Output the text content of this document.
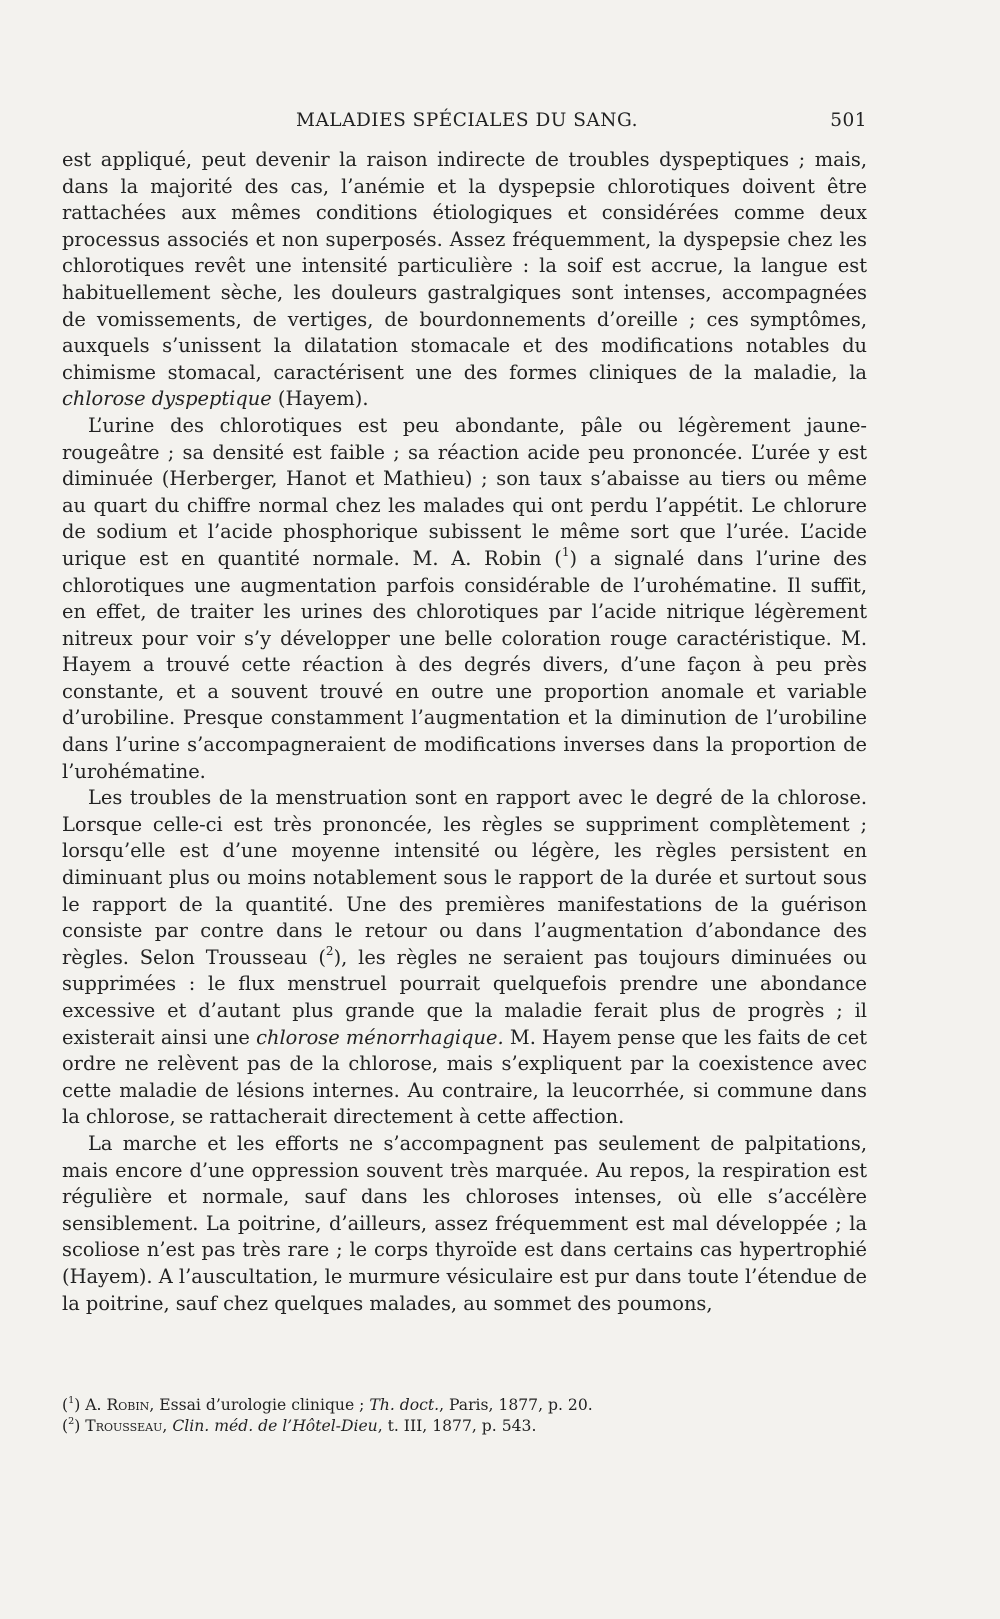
MALADIES SPÉCIALES DU SANG.	501

est appliqué, peut devenir la raison indirecte de troubles dyspeptiques ; mais, dans la majorité des cas, l’anémie et la dyspepsie chlorotiques doivent être rattachées aux mêmes conditions étiologiques et considérées comme deux processus associés et non superposés. Assez fréquemment, la dyspepsie chez les chlorotiques revêt une intensité particulière : la soif est accrue, la langue est habituellement sèche, les douleurs gastralgiques sont intenses, accompagnées de vomissements, de vertiges, de bourdonnements d’oreille ; ces symptômes, auxquels s’unissent la dilatation stomacale et des modifications notables du chimisme stomacal, caractérisent une des formes cliniques de la maladie, la chlorose dyspeptique (Hayem).

L’urine des chlorotiques est peu abondante, pâle ou légèrement jaune-rougeâtre ; sa densité est faible ; sa réaction acide peu prononcée. L’urée y est diminuée (Herberger, Hanot et Mathieu) ; son taux s’abaisse au tiers ou même au quart du chiffre normal chez les malades qui ont perdu l’appétit. Le chlorure de sodium et l’acide phosphorique subissent le même sort que l’urée. L’acide urique est en quantité normale. M. A. Robin ($^1$) a signalé dans l’urine des chlorotiques une augmentation parfois considérable de l’urohématine. Il suffit, en effet, de traiter les urines des chlorotiques par l’acide nitrique légèrement nitreux pour voir s’y développer une belle coloration rouge caractéristique. M. Hayem a trouvé cette réaction à des degrés divers, d’une façon à peu près constante, et a souvent trouvé en outre une proportion anomale et variable d’urobiline. Presque constamment l’augmentation et la diminution de l’urobiline dans l’urine s’accompagneraient de modifications inverses dans la proportion de l’urohématine.

Les troubles de la menstruation sont en rapport avec le degré de la chlorose. Lorsque celle-ci est très prononcée, les règles se suppriment complètement ; lorsqu’elle est d’une moyenne intensité ou légère, les règles persistent en diminuant plus ou moins notablement sous le rapport de la durée et surtout sous le rapport de la quantité. Une des premières manifestations de la guérison consiste par contre dans le retour ou dans l’augmentation d’abondance des règles. Selon Trousseau ($^2$), les règles ne seraient pas toujours diminuées ou supprimées : le flux menstruel pourrait quelquefois prendre une abondance excessive et d’autant plus grande que la maladie ferait plus de progrès ; il existerait ainsi une chlorose ménorrhagique. M. Hayem pense que les faits de cet ordre ne relèvent pas de la chlorose, mais s’expliquent par la coexistence avec cette maladie de lésions internes. Au contraire, la leucorrhée, si commune dans la chlorose, se rattacherait directement à cette affection.

La marche et les efforts ne s’accompagnent pas seulement de palpitations, mais encore d’une oppression souvent très marquée. Au repos, la respiration est régulière et normale, sauf dans les chloroses intenses, où elle s’accélère sensiblement. La poitrine, d’ailleurs, assez fréquemment est mal développée ; la scoliose n’est pas très rare ; le corps thyroïde est dans certains cas hypertrophié (Hayem). A l’auscultation, le murmure vésiculaire est pur dans toute l’étendue de la poitrine, sauf chez quelques malades, au sommet des poumons,

($^1$) A. Robin, Essai d’urologie clinique ; Th. doct., Paris, 1877, p. 20.

($^2$) Trousseau, Clin. méd. de l’Hôtel-Dieu, t. III, 1877, p. 543.
